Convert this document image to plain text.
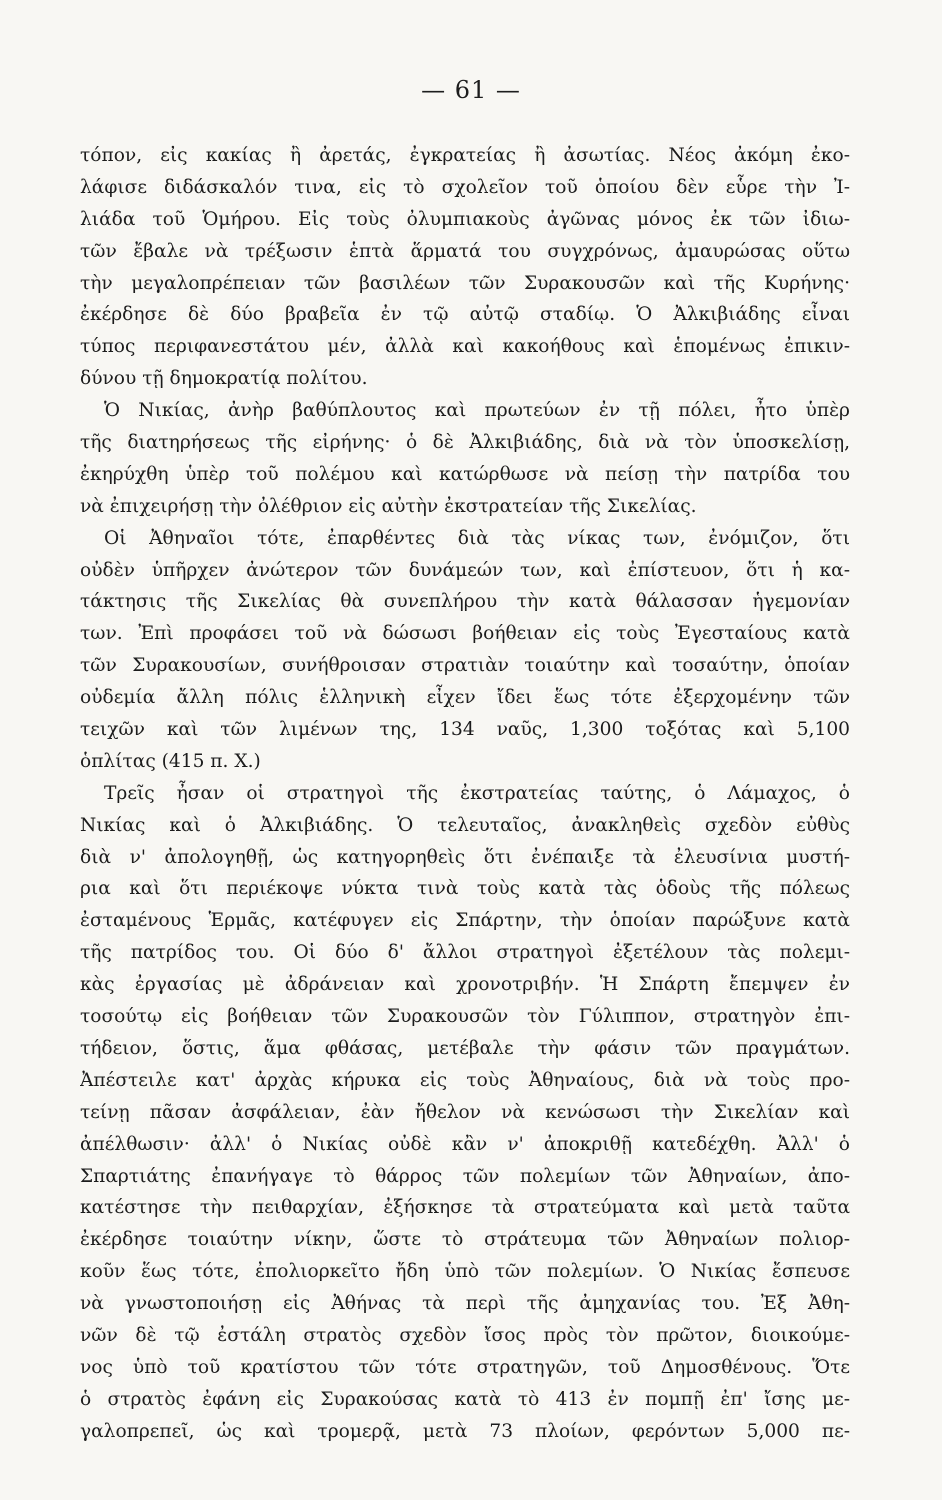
— 61 —
τόπον, εἰς κακίας ἢ ἀρετάς, ἐγκρατείας ἢ ἀσωτίας. Νέος ἀκόμη ἐκο-
λάφισε διδάσκαλόν τινα, εἰς τὸ σχολεῖον τοῦ ὁποίου δὲν εὗρε τὴν Ἰ-
λιάδα τοῦ Ὁμήρου. Εἰς τοὺς ὀλυμπιακοὺς ἀγῶνας μόνος ἐκ τῶν ἰδιω-
τῶν ἔβαλε νὰ τρέξωσιν ἑπτὰ ἅρματά του συγχρόνως, ἀμαυρώσας οὕτω
τὴν μεγαλοπρέπειαν τῶν βασιλέων τῶν Συρακουσῶν καὶ τῆς Κυρήνης·
ἐκέρδησε δὲ δύο βραβεῖα ἐν τῷ αὐτῷ σταδίῳ. Ὁ Ἀλκιβιάδης εἶναι
τύπος περιφανεστάτου μέν, ἀλλὰ καὶ κακοήθους καὶ ἑπομένως ἐπικιν-
δύνου τῇ δημοκρατίᾳ πολίτου.
Ὁ Νικίας, ἀνὴρ βαθύπλουτος καὶ πρωτεύων ἐν τῇ πόλει, ἦτο ὑπὲρ
τῆς διατηρήσεως τῆς εἰρήνης· ὁ δὲ Ἀλκιβιάδης, διὰ νὰ τὸν ὑποσκελίσῃ,
ἐκηρύχθη ὑπὲρ τοῦ πολέμου καὶ κατώρθωσε νὰ πείσῃ τὴν πατρίδα του
νὰ ἐπιχειρήσῃ τὴν ὀλέθριον εἰς αὐτὴν ἐκστρατείαν τῆς Σικελίας.
Οἱ Ἀθηναῖοι τότε, ἐπαρθέντες διὰ τὰς νίκας των, ἐνόμιζον, ὅτι
οὐδὲν ὑπῆρχεν ἀνώτερον τῶν δυνάμεών των, καὶ ἐπίστευον, ὅτι ἡ κα-
τάκτησις τῆς Σικελίας θὰ συνεπλήρου τὴν κατὰ θάλασσαν ἡγεμονίαν
των. Ἐπὶ προφάσει τοῦ νὰ δώσωσι βοήθειαν εἰς τοὺς Ἐγεσταίους κατὰ
τῶν Συρακουσίων, συνήθροισαν στρατιὰν τοιαύτην καὶ τοσαύτην, ὁποίαν
οὐδεμία ἄλλη πόλις ἑλληνικὴ εἶχεν ἴδει ἕως τότε ἐξερχομένην τῶν
τειχῶν καὶ τῶν λιμένων της, 134 ναῦς, 1,300 τοξότας καὶ 5,100
ὁπλίτας (415 π. Χ.)
Τρεῖς ἦσαν οἱ στρατηγοὶ τῆς ἐκστρατείας ταύτης, ὁ Λάμαχος, ὁ
Νικίας καὶ ὁ Ἀλκιβιάδης. Ὁ τελευταῖος, ἀνακληθεὶς σχεδὸν εὐθὺς
διὰ ν' ἀπολογηθῇ, ὡς κατηγορηθεὶς ὅτι ἐνέπαιξε τὰ ἐλευσίνια μυστή-
ρια καὶ ὅτι περιέκοψε νύκτα τινὰ τοὺς κατὰ τὰς ὁδοὺς τῆς πόλεως
ἐσταμένους Ἑρμᾶς, κατέφυγεν εἰς Σπάρτην, τὴν ὁποίαν παρώξυνε κατὰ
τῆς πατρίδος του. Οἱ δύο δ' ἄλλοι στρατηγοὶ ἐξετέλουν τὰς πολεμι-
κὰς ἐργασίας μὲ ἀδράνειαν καὶ χρονοτριβήν. Ἡ Σπάρτη ἔπεμψεν ἐν
τοσούτῳ εἰς βοήθειαν τῶν Συρακουσῶν τὸν Γύλιππον, στρατηγὸν ἐπι-
τήδειον, ὅστις, ἅμα φθάσας, μετέβαλε τὴν φάσιν τῶν πραγμάτων.
Ἀπέστειλε κατ' ἀρχὰς κήρυκα εἰς τοὺς Ἀθηναίους, διὰ νὰ τοὺς προ-
τείνῃ πᾶσαν ἀσφάλειαν, ἐὰν ἤθελον νὰ κενώσωσι τὴν Σικελίαν καὶ
ἀπέλθωσιν· ἀλλ' ὁ Νικίας οὐδὲ κἂν ν' ἀποκριθῇ κατεδέχθη. Ἀλλ' ὁ
Σπαρτιάτης ἐπανήγαγε τὸ θάρρος τῶν πολεμίων τῶν Ἀθηναίων, ἀπο-
κατέστησε τὴν πειθαρχίαν, ἐξήσκησε τὰ στρατεύματα καὶ μετὰ ταῦτα
ἐκέρδησε τοιαύτην νίκην, ὥστε τὸ στράτευμα τῶν Ἀθηναίων πολιορ-
κοῦν ἕως τότε, ἐπολιορκεῖτο ἤδη ὑπὸ τῶν πολεμίων. Ὁ Νικίας ἔσπευσε
νὰ γνωστοποιήσῃ εἰς Ἀθήνας τὰ περὶ τῆς ἀμηχανίας του. Ἐξ Ἀθη-
νῶν δὲ τῷ ἐστάλη στρατὸς σχεδὸν ἴσος πρὸς τὸν πρῶτον, διοικούμε-
νος ὑπὸ τοῦ κρατίστου τῶν τότε στρατηγῶν, τοῦ Δημοσθένους. Ὅτε
ὁ στρατὸς ἐφάνη εἰς Συρακούσας κατὰ τὸ 413 ἐν πομπῇ ἐπ' ἴσης με-
γαλοπρεπεῖ, ὡς καὶ τρομερᾷ, μετὰ 73 πλοίων, φερόντων 5,000 πε-
